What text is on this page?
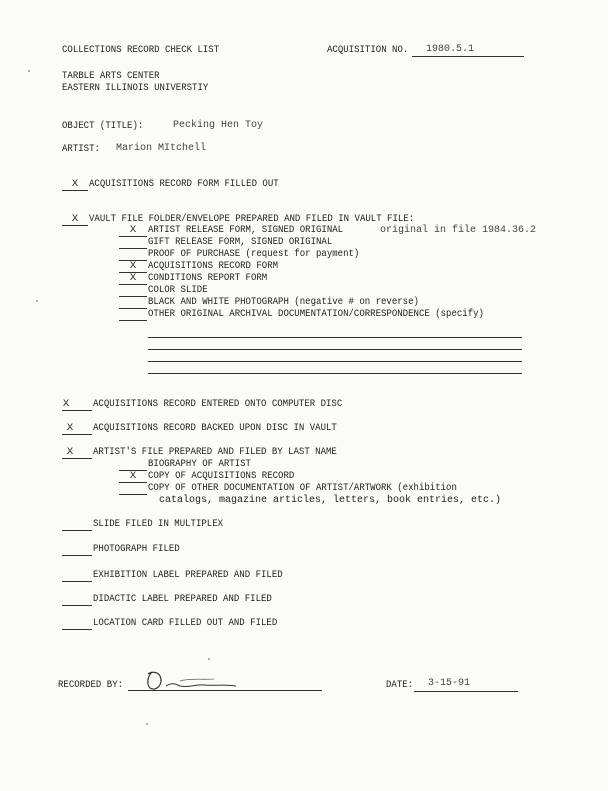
COLLECTIONS RECORD CHECK LIST	ACQUISITION NO. 1980.5.1
TARBLE ARTS CENTER
EASTERN ILLINOIS UNIVERSTIY
OBJECT (TITLE):	Pecking Hen Toy
ARTIST: Marion MItchell
X	ACQUISITIONS RECORD FORM FILLED OUT
X	VAULT FILE FOLDER/ENVELOPE PREPARED AND FILED IN VAULT FILE:
original in file 1984.36.2
X	ARTIST RELEASE FORM, SIGNED ORIGINAL
GIFT RELEASE FORM, SIGNED ORIGINAL
PROOF OF PURCHASE (request for payment)
X	ACQUISITIONS RECORD FORM
X	CONDITIONS REPORT FORM
COLOR SLIDE
BLACK AND WHITE PHOTOGRAPH (negative # on reverse)
OTHER ORIGINAL ARCHIVAL DOCUMENTATION/CORRESPONDENCE (specify)
X	ACQUISITIONS RECORD ENTERED ONTO COMPUTER DISC
X	ACQUISITIONS RECORD BACKED UPON DISC IN VAULT
X	ARTIST'S FILE PREPARED AND FILED BY LAST NAME
BIOGRAPHY OF ARTIST
X	COPY OF ACQUISITIONS RECORD
COPY OF OTHER DOCUMENTATION OF ARTIST/ARTWORK (exhibition
catalogs, magazine articles, letters, book entries, etc.)
SLIDE FILED IN MULTIPLEX
PHOTOGRAPH FILED
EXHIBITION LABEL PREPARED AND FILED
DIDACTIC LABEL PREPARED AND FILED
LOCATION CARD FILLED OUT AND FILED
RECORDED BY:	DATE: 3-15-91
